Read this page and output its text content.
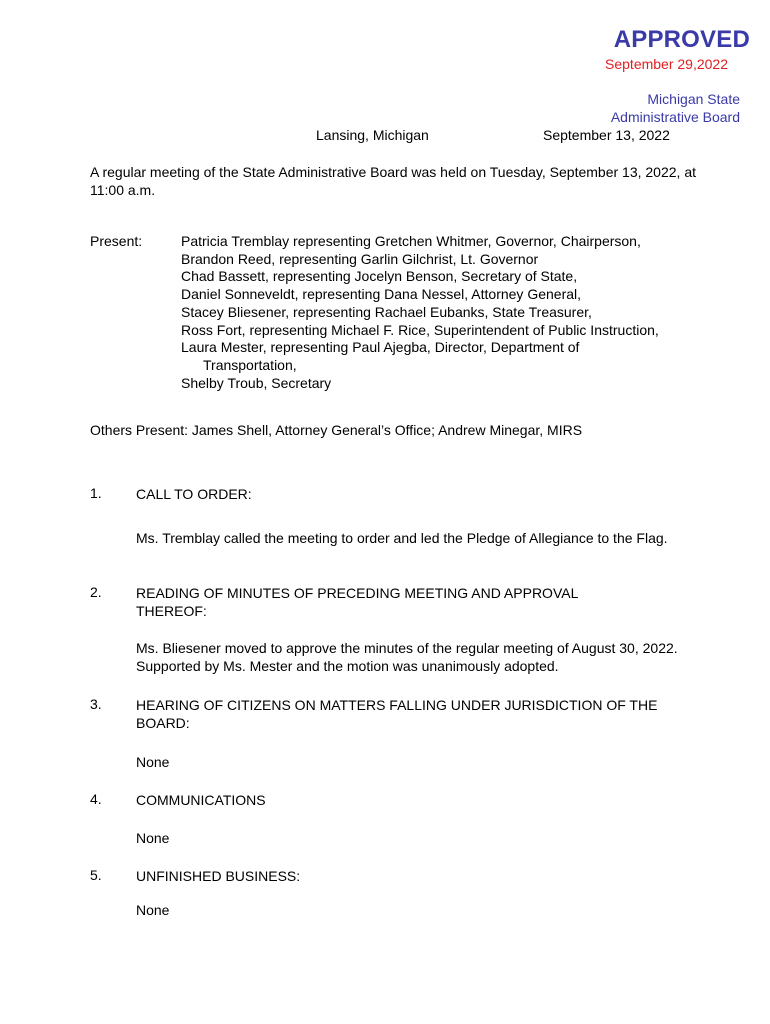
APPROVED
September 29,2022
Michigan State
Administrative Board
Lansing, Michigan	September 13, 2022
A regular meeting of the State Administrative Board was held on Tuesday, September 13, 2022, at 11:00 a.m.
Present:	Patricia Tremblay representing Gretchen Whitmer, Governor, Chairperson,
Brandon Reed, representing Garlin Gilchrist, Lt. Governor
Chad Bassett, representing Jocelyn Benson, Secretary of State,
Daniel Sonneveldt, representing Dana Nessel, Attorney General,
Stacey Bliesener, representing Rachael Eubanks, State Treasurer,
Ross Fort, representing Michael F. Rice, Superintendent of Public Instruction,
Laura Mester, representing Paul Ajegba, Director, Department of
Transportation,
Shelby Troub, Secretary
Others Present: James Shell, Attorney General’s Office; Andrew Minegar, MIRS
1. CALL TO ORDER:
Ms. Tremblay called the meeting to order and led the Pledge of Allegiance to the Flag.
2. READING OF MINUTES OF PRECEDING MEETING AND APPROVAL THEREOF:
Ms. Bliesener moved to approve the minutes of the regular meeting of August 30, 2022. Supported by Ms. Mester and the motion was unanimously adopted.
3. HEARING OF CITIZENS ON MATTERS FALLING UNDER JURISDICTION OF THE BOARD:
None
4. COMMUNICATIONS
None
5. UNFINISHED BUSINESS:
None
